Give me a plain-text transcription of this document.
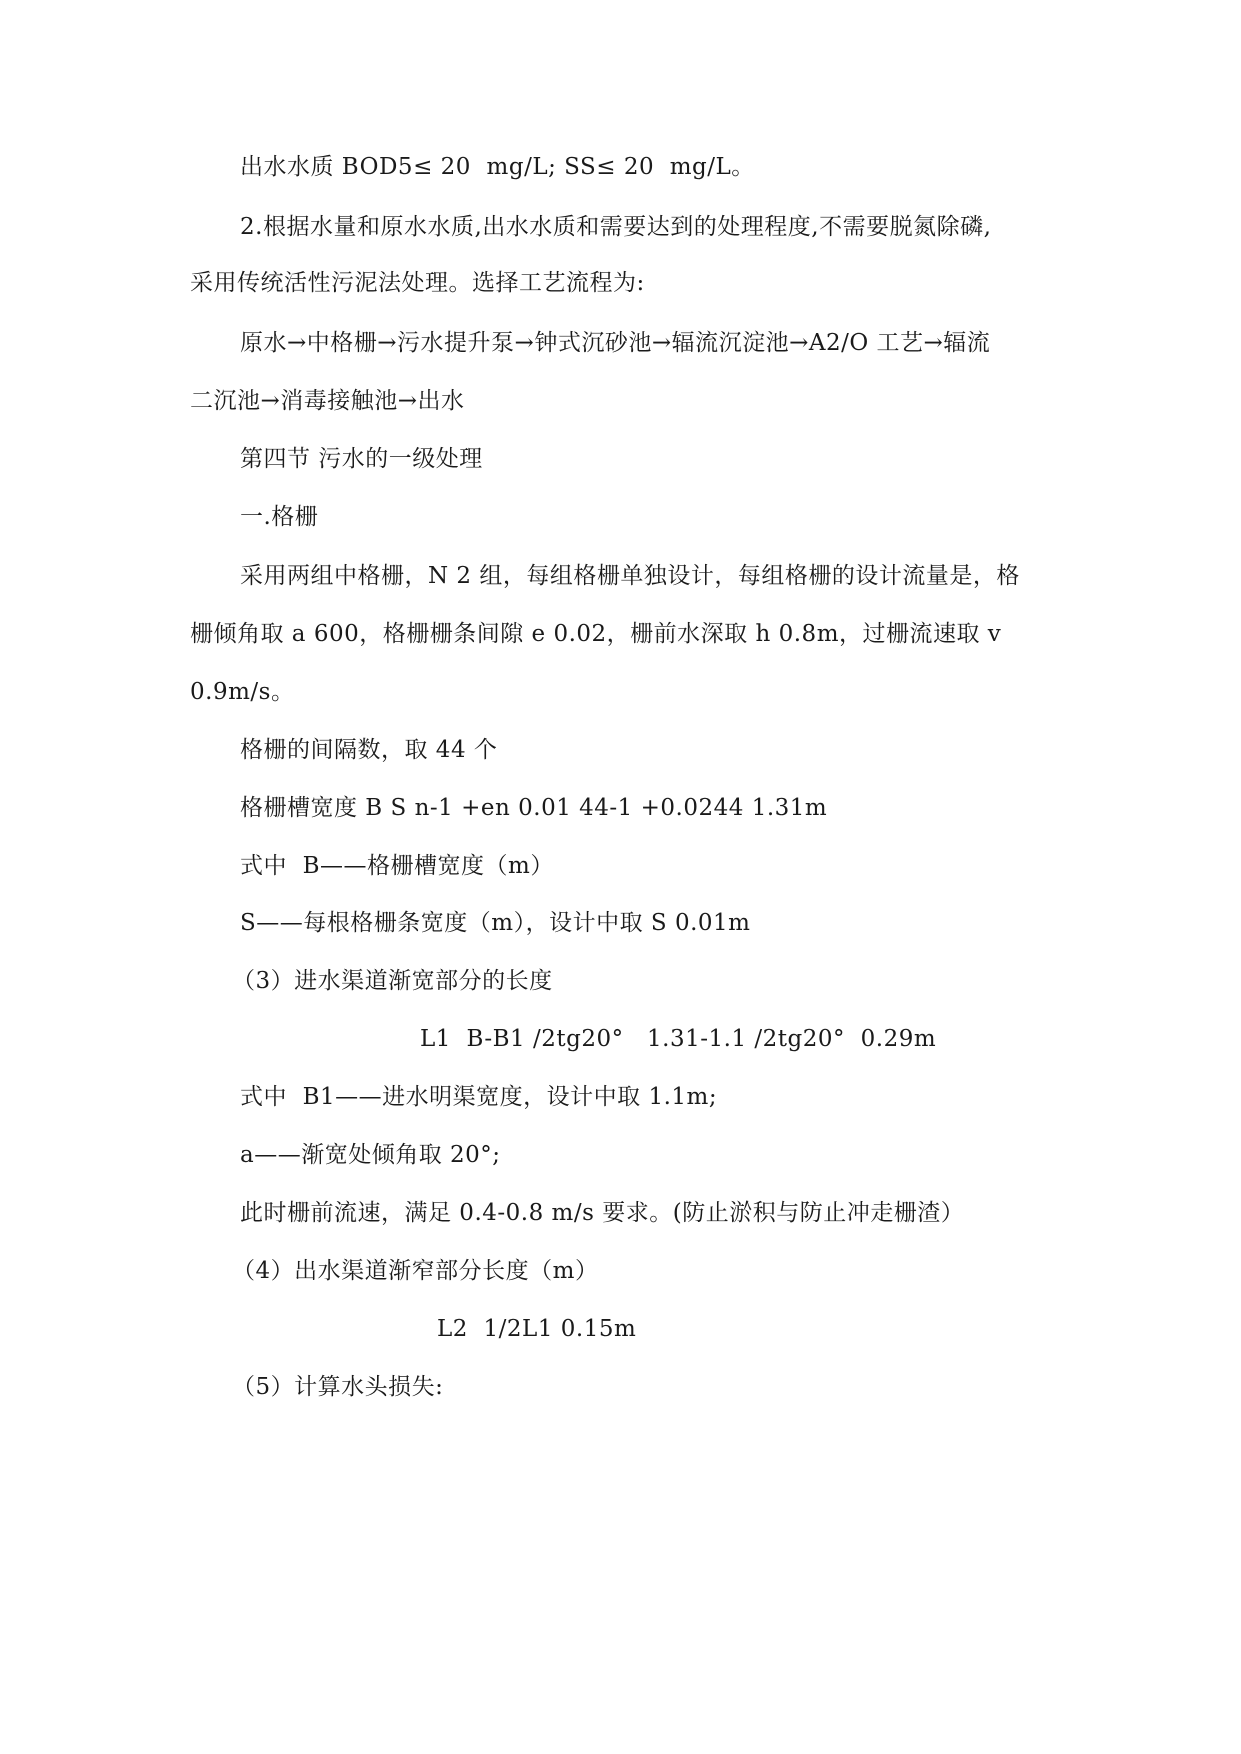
出水水质 BOD5≤ 20  mg/L; SS≤ 20  mg/L。
2.根据水量和原水水质,出水水质和需要达到的处理程度,不需要脱氮除磷,
采用传统活性污泥法处理。选择工艺流程为:
原水→中格栅→污水提升泵→钟式沉砂池→辐流沉淀池→A2/O 工艺→辐流
二沉池→消毒接触池→出水
第四节 污水的一级处理
一.格栅
采用两组中格栅，N 2 组，每组格栅单独设计，每组格栅的设计流量是，格
栅倾角取 a 600，格栅栅条间隙 e 0.02，栅前水深取 h 0.8m，过栅流速取 v
0.9m/s。
格栅的间隔数，取 44 个
格栅槽宽度 B S n-1 +en 0.01 44-1 +0.0244 1.31m
式中  B——格栅槽宽度（m）
S——每根格栅条宽度（m），设计中取 S 0.01m
（3）进水渠道渐宽部分的长度
L1  B-B1 /2tg20°   1.31-1.1 /2tg20°  0.29m
式中  B1——进水明渠宽度，设计中取 1.1m;
a——渐宽处倾角取 20°;
此时栅前流速，满足 0.4-0.8 m/s 要求。(防止淤积与防止冲走栅渣）
（4）出水渠道渐窄部分长度（m）
L2  1/2L1 0.15m
（5）计算水头损失:
